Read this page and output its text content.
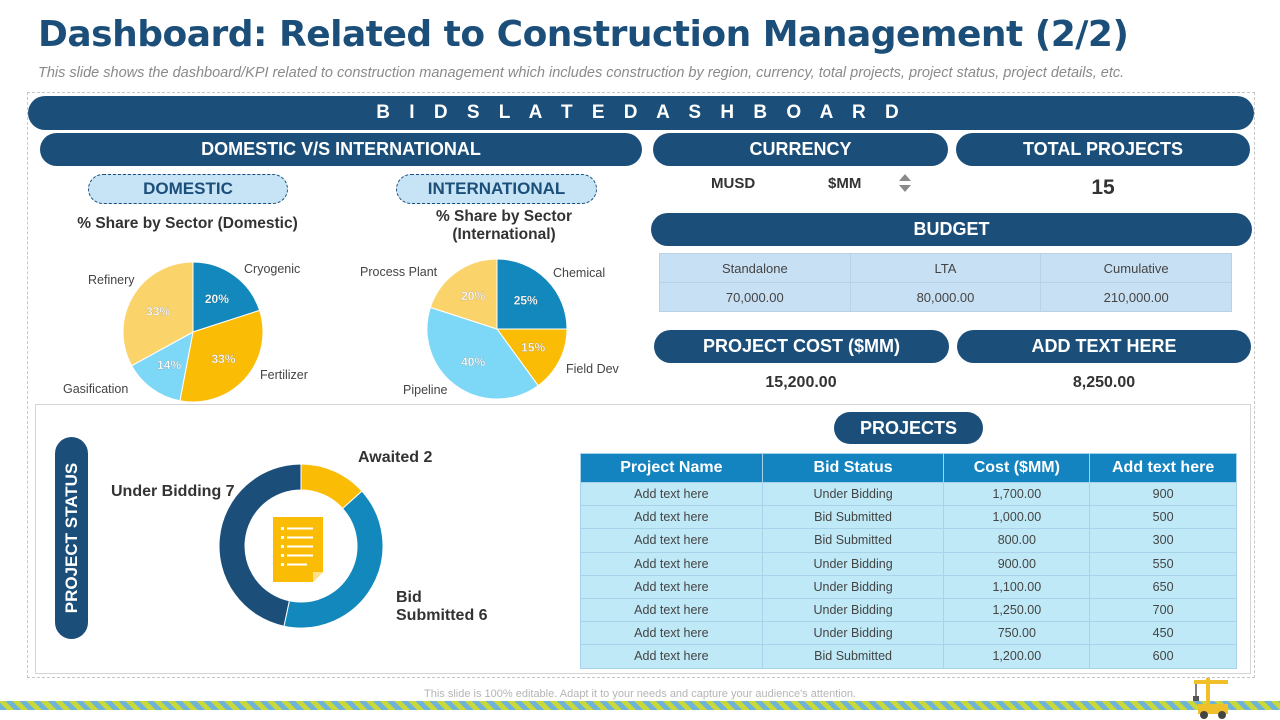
Dashboard: Related to Construction Management (2/2)
This slide shows the dashboard/KPI related to construction management which includes construction by region, currency, total projects, project status, project details, etc.
B I D S L A T E D A S H B O A R D
DOMESTIC V/S INTERNATIONAL	CURRENCY	TOTAL PROJECTS
DOMESTIC	INTERNATIONAL
% Share by Sector (Domestic)	% Share by Sector
(International)
20%
33%
14%
33%
25%
15%
40%
20%
Refinery
Cryogenic
Fertilizer
Gasification
Process Plant	Chemical
Field Dev
Pipeline
MUSD	$MM	15
BUDGET
Standalone	LTA	Cumulative
70,000.00	80,000.00	210,000.00
PROJECT COST ($MM)	ADD TEXT HERE
15,200.00	8,250.00
PROJECT STATUS
Awaited 2
Under Bidding 7
Bid
Submitted 6
PROJECTS
Project Name	Bid Status	Cost ($MM)	Add text here
Add text here	Under Bidding	1,700.00	900
Add text here	Bid Submitted	1,000.00	500
Add text here	Bid Submitted	800.00	300
Add text here	Under Bidding	900.00	550
Add text here	Under Bidding	1,100.00	650
Add text here	Under Bidding	1,250.00	700
Add text here	Under Bidding	750.00	450
Add text here	Bid Submitted	1,200.00	600
This slide is 100% editable. Adapt it to your needs and capture your audience's attention.
